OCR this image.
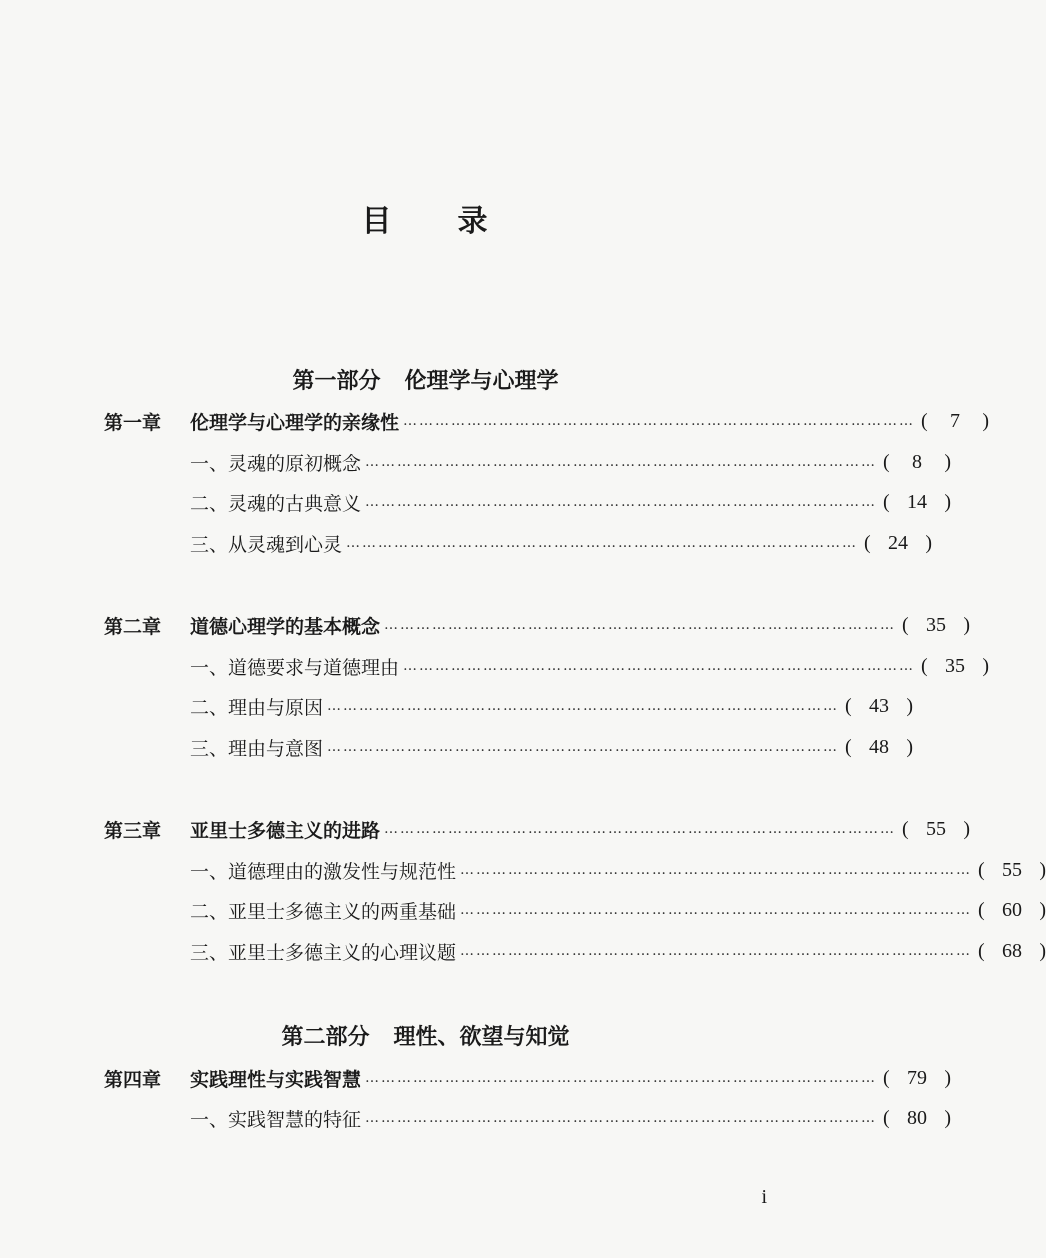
目 录
第一部分 伦理学与心理学
第一章	伦理学与心理学的亲缘性 …………………………………………………………………………………… ( 7 )
一、灵魂的原初概念 …………………………………………………………………………………… ( 8 )
二、灵魂的古典意义 …………………………………………………………………………………… ( 14 )
三、从灵魂到心灵 …………………………………………………………………………………… ( 24 )
第二章	道德心理学的基本概念 …………………………………………………………………………………… ( 35 )
一、道德要求与道德理由 …………………………………………………………………………………… ( 35 )
二、理由与原因 …………………………………………………………………………………… ( 43 )
三、理由与意图 …………………………………………………………………………………… ( 48 )
第三章	亚里士多德主义的进路 …………………………………………………………………………………… ( 55 )
一、道德理由的激发性与规范性 …………………………………………………………………………………… ( 55 )
二、亚里士多德主义的两重基础 …………………………………………………………………………………… ( 60 )
三、亚里士多德主义的心理议题 …………………………………………………………………………………… ( 68 )
第二部分 理性、欲望与知觉
第四章	实践理性与实践智慧 …………………………………………………………………………………… ( 79 )
一、实践智慧的特征 …………………………………………………………………………………… ( 80 )
i
